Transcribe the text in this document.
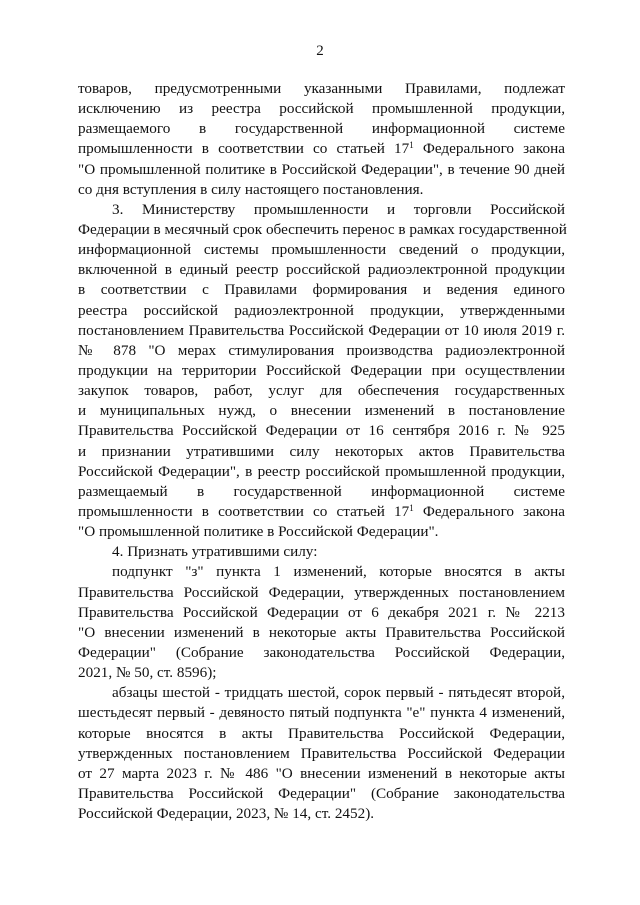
2
товаров, предусмотренными указанными Правилами, подлежат
исключению из реестра российской промышленной продукции,
размещаемого в государственной информационной системе
промышленности в соответствии со статьей $17^1$ Федерального закона
"О промышленной политике в Российской Федерации", в течение 90 дней
со дня вступления в силу настоящего постановления.
3. Министерству промышленности и торговли Российской
Федерации в месячный срок обеспечить перенос в рамках государственной
информационной системы промышленности сведений о продукции,
включенной в единый реестр российской радиоэлектронной продукции
в соответствии с Правилами формирования и ведения единого
реестра российской радиоэлектронной продукции, утвержденными
постановлением Правительства Российской Федерации от 10 июля 2019 г.
№ 878 "О мерах стимулирования производства радиоэлектронной
продукции на территории Российской Федерации при осуществлении
закупок товаров, работ, услуг для обеспечения государственных
и муниципальных нужд, о внесении изменений в постановление
Правительства Российской Федерации от 16 сентября 2016 г. № 925
и признании утратившими силу некоторых актов Правительства
Российской Федерации", в реестр российской промышленной продукции,
размещаемый в государственной информационной системе
промышленности в соответствии со статьей $17^1$ Федерального закона
"О промышленной политике в Российской Федерации".
4. Признать утратившими силу:
подпункт "з" пункта 1 изменений, которые вносятся в акты
Правительства Российской Федерации, утвержденных постановлением
Правительства Российской Федерации от 6 декабря 2021 г. № 2213
"О внесении изменений в некоторые акты Правительства Российской
Федерации" (Собрание законодательства Российской Федерации,
2021, № 50, ст. 8596);
абзацы шестой - тридцать шестой, сорок первый - пятьдесят второй,
шестьдесят первый - девяносто пятый подпункта "е" пункта 4 изменений,
которые вносятся в акты Правительства Российской Федерации,
утвержденных постановлением Правительства Российской Федерации
от 27 марта 2023 г. № 486 "О внесении изменений в некоторые акты
Правительства Российской Федерации" (Собрание законодательства
Российской Федерации, 2023, № 14, ст. 2452).
